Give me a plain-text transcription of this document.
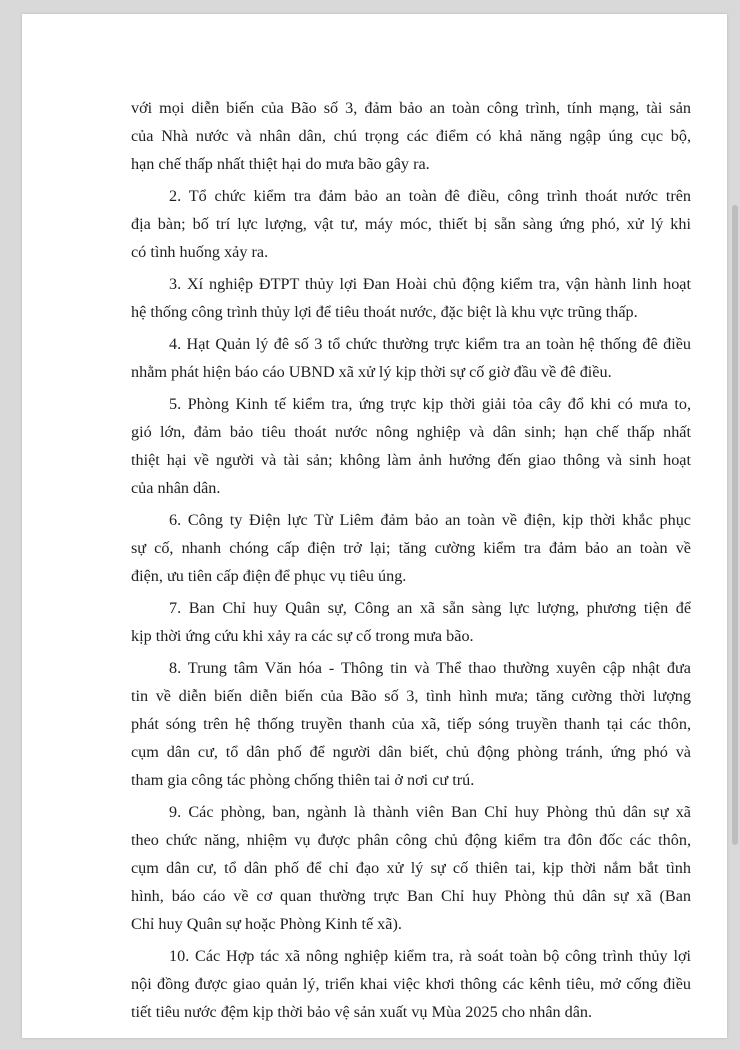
với mọi diễn biến của Bão số 3, đảm bảo an toàn công trình, tính mạng, tài sản
của Nhà nước và nhân dân, chú trọng các điểm có khả năng ngập úng cục bộ,
hạn chế thấp nhất thiệt hại do mưa bão gây ra.
2. Tổ chức kiểm tra đảm bảo an toàn đê điều, công trình thoát nước trên
địa bàn; bố trí lực lượng, vật tư, máy móc, thiết bị sẵn sàng ứng phó, xử lý khi
có tình huống xảy ra.
3. Xí nghiệp ĐTPT thủy lợi Đan Hoài chủ động kiểm tra, vận hành linh hoạt
hệ thống công trình thủy lợi để tiêu thoát nước, đặc biệt là khu vực trũng thấp.
4. Hạt Quản lý đê số 3 tổ chức thường trực kiểm tra an toàn hệ thống đê điều
nhằm phát hiện báo cáo UBND xã xử lý kịp thời sự cố giờ đầu về đê điều.
5. Phòng Kinh tế kiểm tra, ứng trực kịp thời giải tỏa cây đổ khi có mưa to,
gió lớn, đảm bảo tiêu thoát nước nông nghiệp và dân sinh; hạn chế thấp nhất
thiệt hại về người và tài sản; không làm ảnh hưởng đến giao thông và sinh hoạt
của nhân dân.
6. Công ty Điện lực Từ Liêm đảm bảo an toàn về điện, kịp thời khắc phục
sự cố, nhanh chóng cấp điện trở lại; tăng cường kiểm tra đảm bảo an toàn về
điện, ưu tiên cấp điện để phục vụ tiêu úng.
7. Ban Chỉ huy Quân sự, Công an xã sẵn sàng lực lượng, phương tiện để
kịp thời ứng cứu khi xảy ra các sự cố trong mưa bão.
8. Trung tâm Văn hóa - Thông tin và Thể thao thường xuyên cập nhật đưa
tin về diễn biến diễn biến của Bão số 3, tình hình mưa; tăng cường thời lượng
phát sóng trên hệ thống truyền thanh của xã, tiếp sóng truyền thanh tại các thôn,
cụm dân cư, tổ dân phố để người dân biết, chủ động phòng tránh, ứng phó và
tham gia công tác phòng chống thiên tai ở nơi cư trú.
9. Các phòng, ban, ngành là thành viên Ban Chỉ huy Phòng thủ dân sự xã
theo chức năng, nhiệm vụ được phân công chủ động kiểm tra đôn đốc các thôn,
cụm dân cư, tổ dân phố để chỉ đạo xử lý sự cố thiên tai, kịp thời nắm bắt tình
hình, báo cáo về cơ quan thường trực Ban Chỉ huy Phòng thủ dân sự xã (Ban
Chỉ huy Quân sự hoặc Phòng Kinh tế xã).
10. Các Hợp tác xã nông nghiệp kiểm tra, rà soát toàn bộ công trình thủy lợi
nội đồng được giao quản lý, triển khai việc khơi thông các kênh tiêu, mở cống điều
tiết tiêu nước đệm kịp thời bảo vệ sản xuất vụ Mùa 2025 cho nhân dân.
